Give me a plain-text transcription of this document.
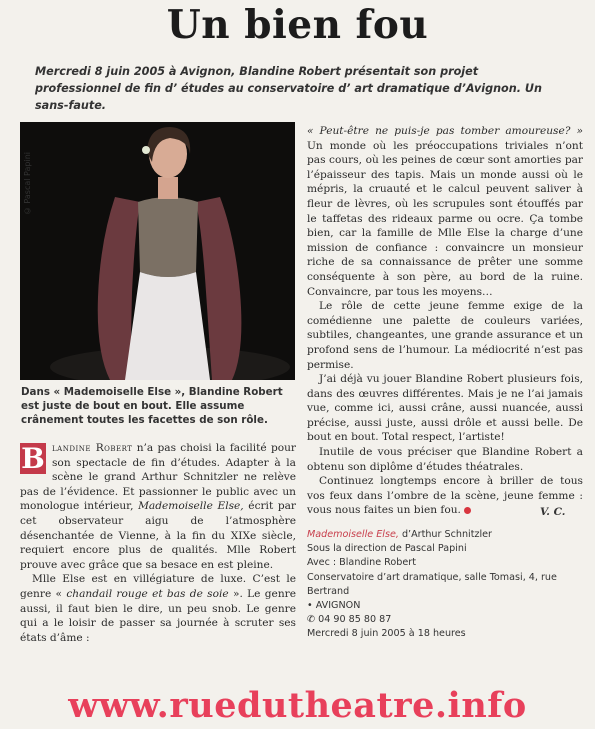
Un bien fou
Mercredi 8 juin 2005 à Avignon, Blandine Robert présentait son projet professionnel de fin d’ études au conservatoire d’ art dramatique d’Avignon. Un sans-faute.
© Pascal Papini
Dans « Mademoiselle Else », Blandine Robert est juste de bout en bout. Elle assume crânement toutes les facettes de son rôle.

B landine Robert n’a pas choisi la facilité pour son spectacle de fin d’études. Adapter à la scène le grand Arthur Schnitzler ne relève pas de l’évidence. Et passionner le public avec un monologue intérieur, Mademoiselle Else, écrit par cet observateur aigu de l’atmosphère désenchantée de Vienne, à la fin du XIXe siècle, requiert encore plus de qualités. Mlle Robert prouve avec grâce que sa besace en est pleine.

Mlle Else est en villégiature de luxe. C’est le genre « chandail rouge et bas de soie ». Le genre aussi, il faut bien le dire, un peu snob. Le genre qui a le loisir de passer sa journée à scruter ses états d’âme :

« Peut-être ne puis-je pas tomber amoureuse? » Un monde où les préoccupations triviales n’ont pas cours, où les peines de cœur sont amorties par l’épaisseur des tapis. Mais un monde aussi où le mépris, la cruauté et le calcul peuvent saliver à fleur de lèvres, où les scrupules sont étouffés par le taffetas des rideaux parme ou ocre. Ça tombe bien, car la famille de Mlle Else la charge d’une mission de confiance : convaincre un monsieur riche de sa connaissance de prêter une somme conséquente à son père, au bord de la ruine. Convaincre, par tous les moyens…

Le rôle de cette jeune femme exige de la comédienne une palette de couleurs variées, subtiles, changeantes, une grande assurance et un profond sens de l’humour. La médiocrité n’est pas permise.

J’ai déjà vu jouer Blandine Robert plusieurs fois, dans des œuvres différentes. Mais je ne l’ai jamais vue, comme ici, aussi crâne, aussi nuancée, aussi précise, aussi juste, aussi drôle et aussi belle. De bout en bout. Total respect, l’artiste!

Inutile de vous préciser que Blandine Robert a obtenu son diplôme d’études théatrales.

Continuez longtemps encore à briller de tous vos feux dans l’ombre de la scène, jeune femme : vous nous faites un bien fou.	V. C.
Mademoiselle Else, d’Arthur Schnitzler
Sous la direction de Pascal Papini
Avec : Blandine Robert
Conservatoire d’art dramatique, salle Tomasi, 4, rue Bertrand
• AVIGNON
✆ 04 90 85 80 87
Mercredi 8 juin 2005 à 18 heures
www.ruedutheatre.info
